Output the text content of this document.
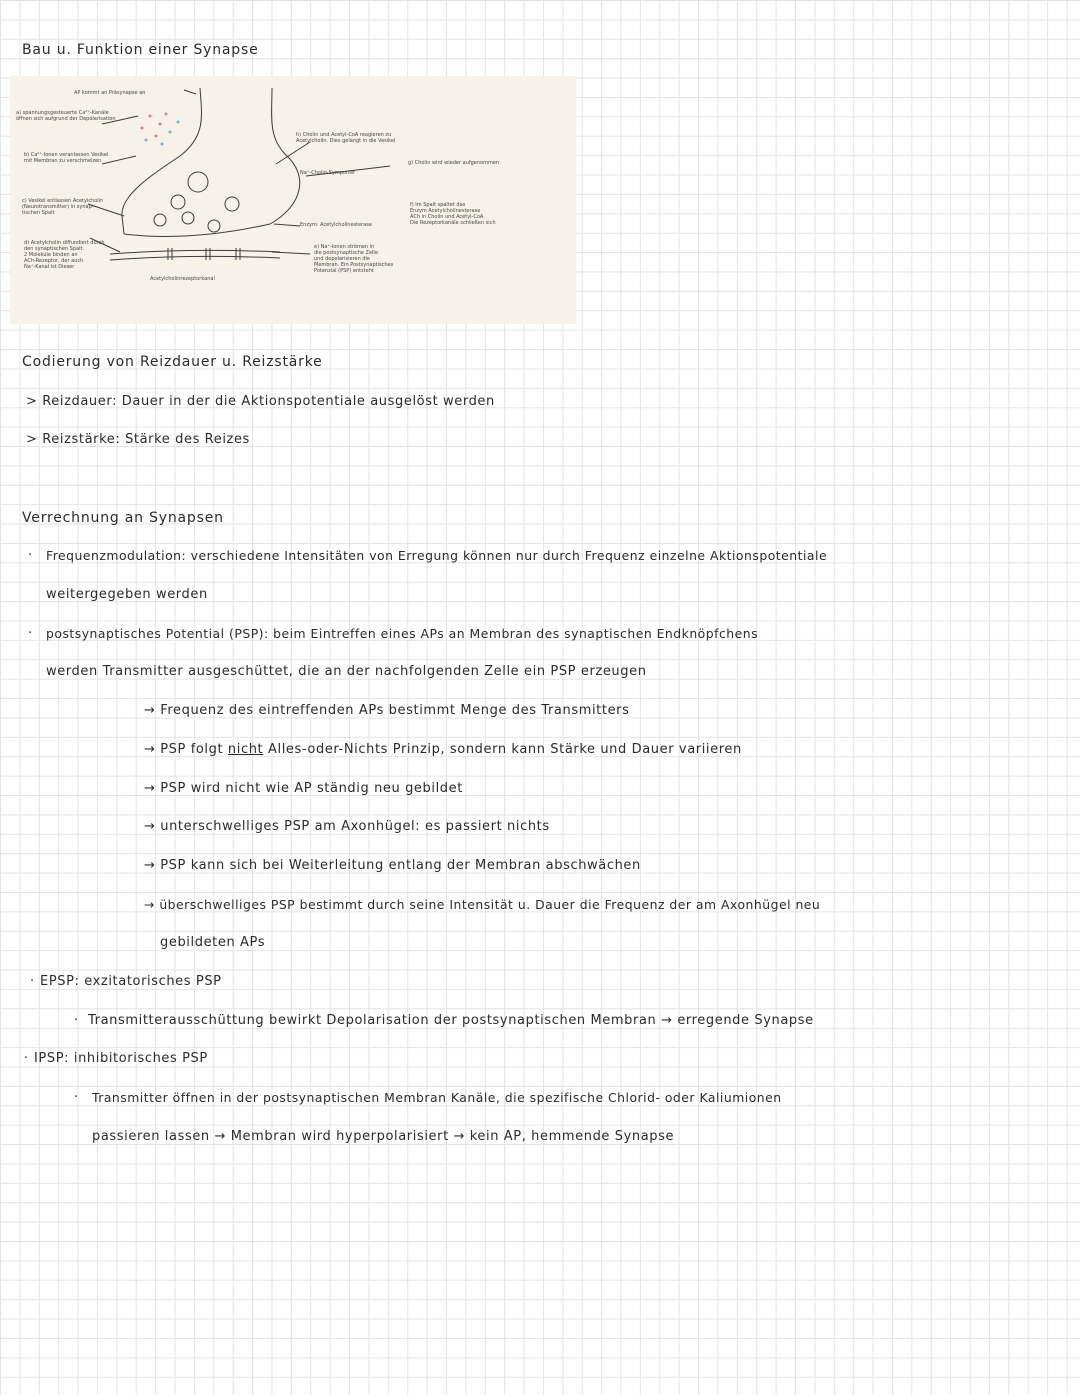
Bau u. Funktion einer Synapse
AP kommt an Präsynapse an
a) spannungsgesteuerte Ca²⁺-Kanäle
öffnen sich aufgrund der Depolarisation
b) Ca²⁺-Ionen veranlassen Vesikel
mit Membran zu verschmelzen
c) Vesikel entlassen Acetylcholin
(Neurotransmitter) in synap-
tischen Spalt
d) Acetylcholin diffundiert durch
den synaptischen Spalt.
2 Moleküle binden an
ACh-Rezeptor, der auch
Na⁺-Kanal ist Dieser
Acetylcholinrezeptorkanal
h) Cholin und Acetyl-CoA reagieren zu
Acetylcholin. Dies gelangt in die Vesikel
Na⁺-Cholin-Symporter
g) Cholin wird wieder aufgenommen
f) Im Spalt spaltet das
Enzym Acetylcholinesterase
ACh in Cholin und Acetyl-CoA.
Die Rezeptorkanäle schließen sich
Enzym: Acetylcholinesterase
e) Na⁺-Ionen strömen in
die postsynaptische Zelle
und depolarisieren die
Membran. Ein Postsynaptisches
Potenzial (PSP) entsteht
Codierung von Reizdauer u. Reizstärke
> Reizdauer: Dauer in der die Aktionspotentiale ausgelöst werden
> Reizstärke: Stärke des Reizes
Verrechnung an Synapsen
· Frequenzmodulation: verschiedene Intensitäten von Erregung können nur durch Frequenz einzelne Aktionspotentiale
weitergegeben werden
· postsynaptisches Potential (PSP): beim Eintreffen eines APs an Membran des synaptischen Endknöpfchens
werden Transmitter ausgeschüttet, die an der nachfolgenden Zelle ein PSP erzeugen
→ Frequenz des eintreffenden APs bestimmt Menge des Transmitters
→ PSP folgt nicht Alles-oder-Nichts Prinzip, sondern kann Stärke und Dauer variieren
→ PSP wird nicht wie AP ständig neu gebildet
→ unterschwelliges PSP am Axonhügel: es passiert nichts
→ PSP kann sich bei Weiterleitung entlang der Membran abschwächen
→ überschwelliges PSP bestimmt durch seine Intensität u. Dauer die Frequenz der am Axonhügel neu
gebildeten APs
· EPSP: exzitatorisches PSP
· Transmitterausschüttung bewirkt Depolarisation der postsynaptischen Membran → erregende Synapse
· IPSP: inhibitorisches PSP
· Transmitter öffnen in der postsynaptischen Membran Kanäle, die spezifische Chlorid- oder Kaliumionen
passieren lassen → Membran wird hyperpolarisiert → kein AP, hemmende Synapse
